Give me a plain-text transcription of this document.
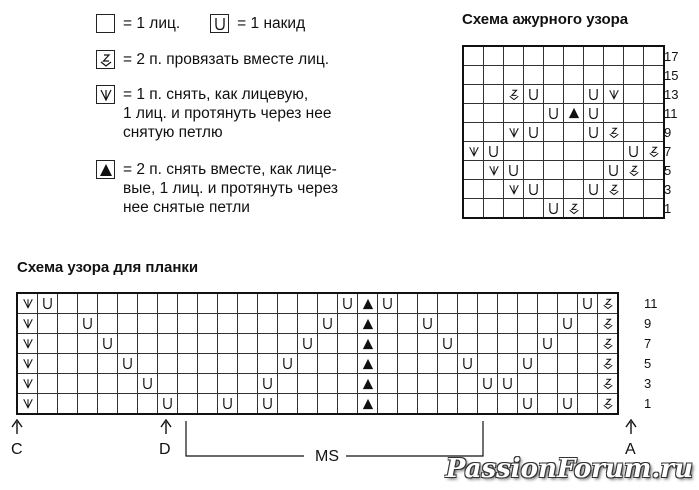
= 1 лиц.	= 1 накид
= 2 п. провязать вместе лиц.
= 1 п. снять, как лицевую,
1 лиц. и протянуть через нее
снятую петлю
= 2 п. снять вместе, как лице-
вые, 1 лиц. и протянуть через
нее снятые петли
Схема ажурного узора

17
15
13
11
9
7
5
3
1
Схема узора для планки

11
9
7
5
3
1
C	D	MS	A
PassionForum.ru
